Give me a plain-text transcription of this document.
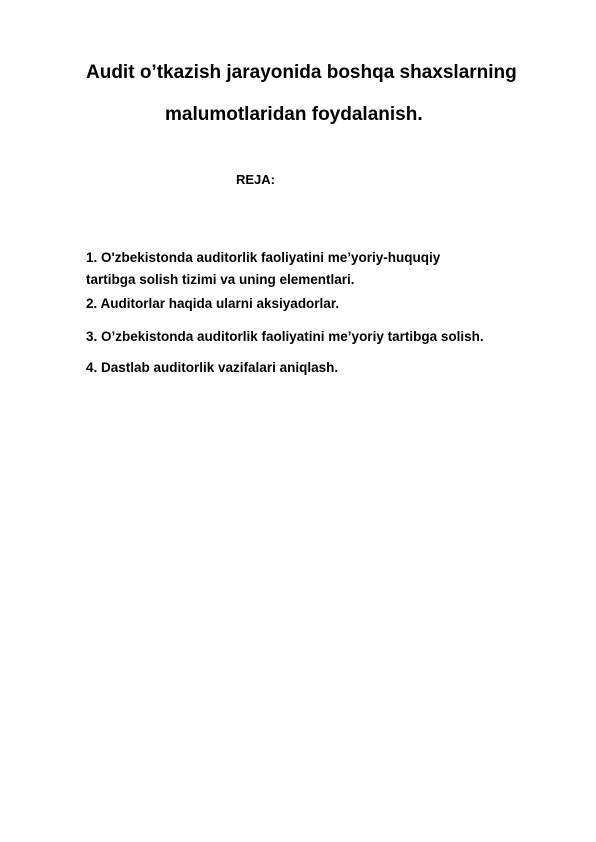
Audit o’tkazish jarayonida boshqa shaxslarning
malumotlaridan foydalanish.
REJA:
1. O'zbekistonda auditorlik faoliyatini me’yoriy-huquqiy
tartibga solish tizimi va uning elementlari.
2. Auditorlar haqida ularni aksiyadorlar.
3. O’zbekistonda auditorlik faoliyatini me’yoriy tartibga solish.
4. Dastlab auditorlik vazifalari aniqlash.
